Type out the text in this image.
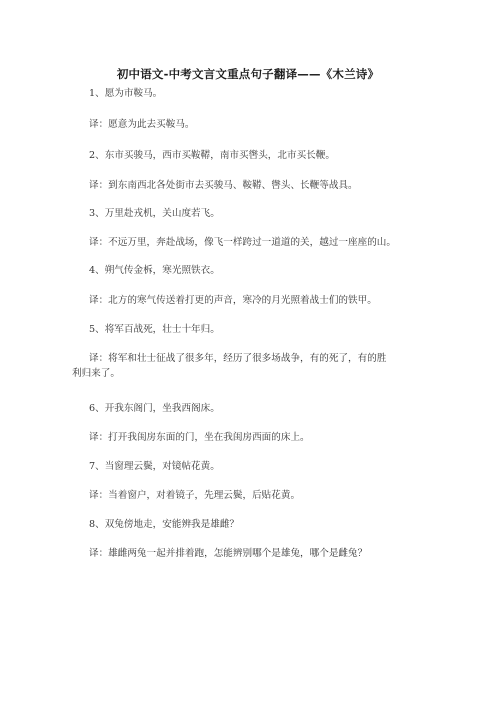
初中语文-中考文言文重点句子翻译——《木兰诗》
1、愿为市鞍马。
译：愿意为此去买鞍马。
2、东市买骏马，西市买鞍鞯，南市买辔头，北市买长鞭。
译：到东南西北各处街市去买骏马、鞍鞯、辔头、长鞭等战具。
3、万里赴戎机，关山度若飞。
译：不远万里，奔赴战场，像飞一样跨过一道道的关，越过一座座的山。
4、朔气传金柝，寒光照铁衣。
译：北方的寒气传送着打更的声音，寒冷的月光照着战士们的铁甲。
5、将军百战死，壮士十年归。
译：将军和壮士征战了很多年，经历了很多场战争，有的死了，有的胜利归来了。
6、开我东阁门，坐我西阁床。
译：打开我闺房东面的门，坐在我闺房西面的床上。
7、当窗理云鬓，对镜帖花黄。
译：当着窗户，对着镜子，先理云鬓，后贴花黄。
8、双兔傍地走，安能辨我是雄雌？
译：雄雌两兔一起并排着跑，怎能辨别哪个是雄兔，哪个是雌兔？
